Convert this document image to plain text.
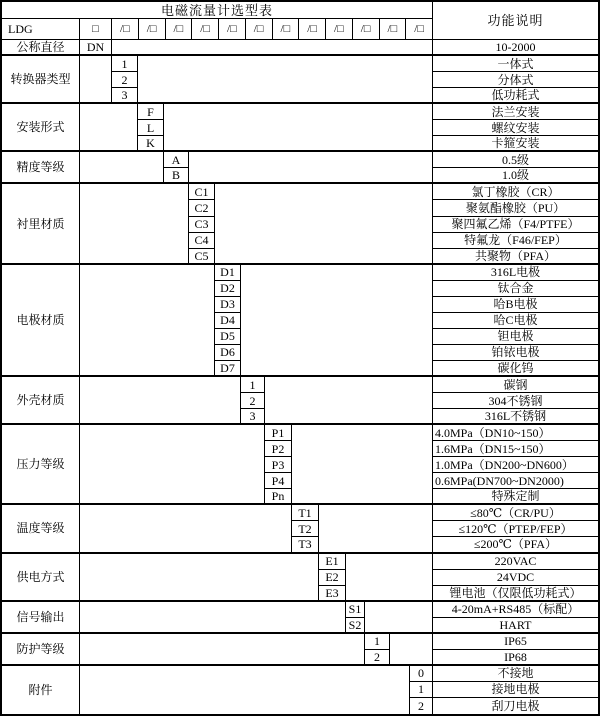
电磁流量计选型表
功能说明
LDG	□	/□	/□	/□	/□	/□	/□	/□	/□	/□	/□	/□	/□
公称直径	DN	10-2000
转换器类型
1	一体式
2	分体式
3	低功耗式
安装形式
F	法兰安装
L	螺纹安装
K	卡箍安装
精度等级
A	0.5级
B	1.0级
衬里材质
C1	氯丁橡胶（CR）
C2	聚氨酯橡胶（PU）
C3	聚四氟乙烯（F4/PTFE）
C4	特氟龙（F46/FEP）
C5	共聚物（PFA）
电极材质
D1	316L电极
D2	钛合金
D3	哈B电极
D4	哈C电极
D5	钽电极
D6	铂铱电极
D7	碳化钨
外壳材质
1	碳钢
2	304不锈钢
3	316L不锈钢
压力等级
P1	4.0MPa（DN10~150）
P2	1.6MPa（DN15~150）
P3	1.0MPa（DN200~DN600）
P4	0.6MPa(DN700~DN2000)
Pn	特殊定制
温度等级
T1	≤80℃（CR/PU）
T2	≤120℃（PTEP/FEP）
T3	≤200℃（PFA）
供电方式
E1	220VAC
E2	24VDC
E3	锂电池（仅限低功耗式）
信号输出
S1	4-20mA+RS485（标配）
S2	HART
防护等级
1	IP65
2	IP68
附件
0	不接地
1	接地电极
2	刮刀电极
